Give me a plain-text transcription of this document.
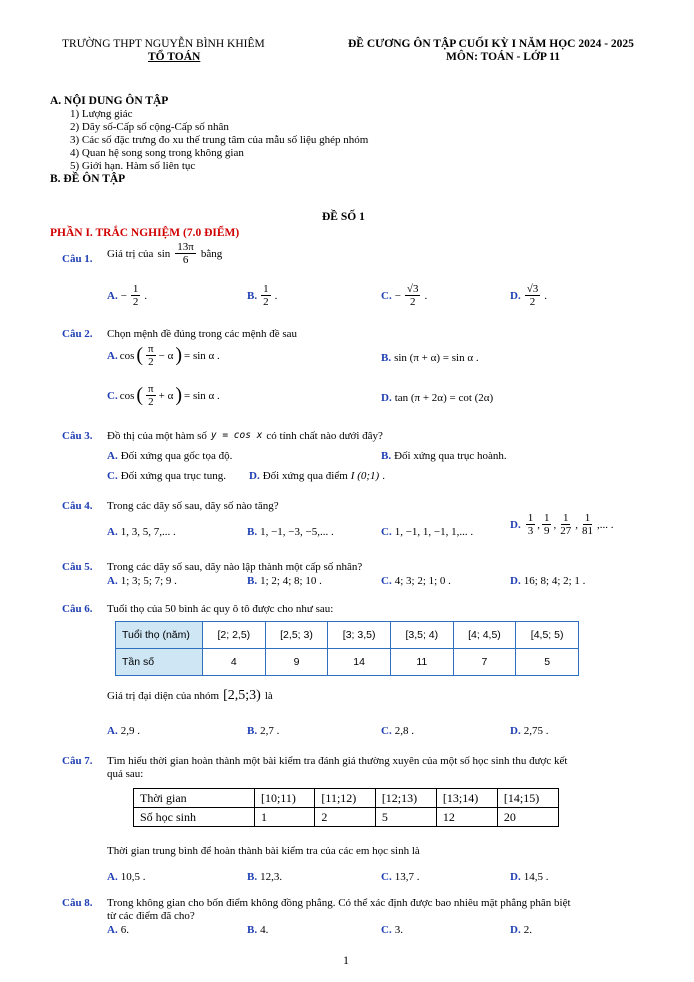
TRƯỜNG THPT NGUYỄN BÌNH KHIÊM
TỔ TOÁN
ĐỀ CƯƠNG ÔN TẬP CUỐI KỲ I NĂM HỌC 2024 - 2025
MÔN: TOÁN - LỚP 11
A. NỘI DUNG ÔN TẬP
1) Lượng giác
2) Dãy số-Cấp số cộng-Cấp số nhân
3) Các số đặc trưng đo xu thế trung tâm của mẫu số liệu ghép nhóm
4) Quan hệ song song trong không gian
5) Giới hạn. Hàm số liên tục
B. ĐỀ ÔN TẬP
ĐỀ SỐ 1
PHẦN I. TRẮC NGHIỆM (7.0 ĐIỂM)
Câu 1. Giá trị của $\sin \frac{13\pi}{6}$ bằng
A. − $\frac{1}{2}$ .	B. $\frac{1}{2}$ .	C. − $\frac{√3}{2}$ .	D. $\frac{√3}{2}$ .
Câu 2. Chọn mệnh đề đúng trong các mệnh đề sau
A. cos ( $\frac{\pi}{2} - \alpha$ ) = sin α .	B. sin (π + α) = sin α .
C. cos ( $\frac{\pi}{2} + \alpha$ ) = sin α .	D. tan (π + 2α) = cot (2α)
Câu 3. Đồ thị của một hàm số y = cos x có tính chất nào dưới đây?
A. Đối xứng qua gốc tọa độ.	B. Đối xứng qua trục hoành.
C. Đối xứng qua trục tung. D. Đối xứng qua điểm I (0;1) .
Câu 4. Trong các dãy số sau, dãy số nào tăng?
A. 1, 3, 5, 7,... .	B. 1, −1, −3, −5,... .	C. 1, −1, 1, −1, 1,... .
D. $\frac{1}{3}$ , $\frac{1}{9}$ , $\frac{1}{27}$ , $\frac{1}{81}$ ,... .
Câu 5. Trong các dãy số sau, dãy nào lập thành một cấp số nhân?
A. 1; 3; 5; 7; 9 .	B. 1; 2; 4; 8; 10 .	C. 4; 3; 2; 1; 0 .	D. 16; 8; 4; 2; 1 .
Câu 6. Tuổi thọ của 50 bình ác quy ô tô được cho như sau:
Tuổi thọ (năm)	[2; 2,5)	[2,5; 3)	[3; 3,5)	[3,5; 4)	[4; 4,5)	[4,5; 5)
Tần số	4	9	14	11	7	5
Giá trị đại diện của nhóm [2,5;3) là
A. 2,9 .	B. 2,7 .	C. 2,8 .	D. 2,75 .
Câu 7. Tìm hiểu thời gian hoàn thành một bài kiểm tra đánh giá thường xuyên của một số học sinh thu được kết
quả sau:
Thời gian	[10;11)	[11;12)	[12;13)	[13;14)	[14;15)
Số học sinh	1	2	5	12	20
Thời gian trung bình để hoàn thành bài kiểm tra của các em học sinh là
A. 10,5 .	B. 12,3.	C. 13,7 .	D. 14,5 .
Câu 8. Trong không gian cho bốn điểm không đồng phẳng. Có thể xác định được bao nhiêu mặt phẳng phân biệt
từ các điểm đã cho?
A. 6.	B. 4.	C. 3.	D. 2.
1
